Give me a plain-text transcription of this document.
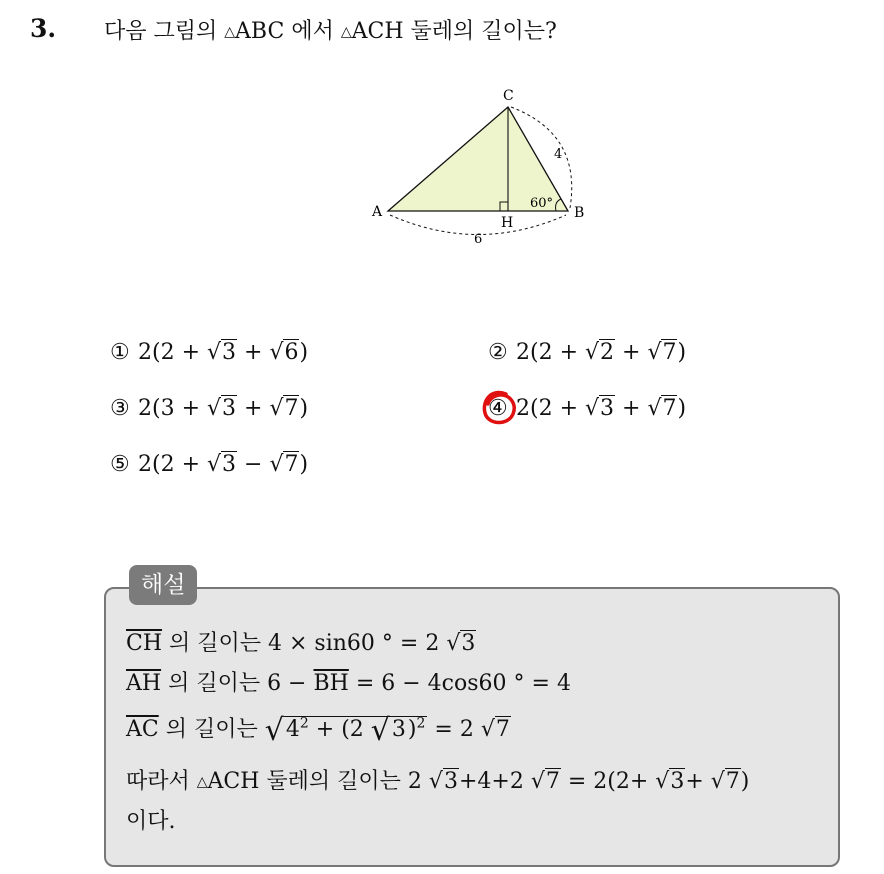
3. 다음 그림의 △ABC 에서 △ACH 둘레의 길이는?
C
A	B
H
4
6
60°
① 2(2 + √3 + √6)	② 2(2 + √2 + √7)
③ 2(3 + √3 + √7)	④ 2(2 + √3 + √7)
⑤ 2(2 + √3 − √7)
해설
$\overline{CH}$ 의 길이는 4 × sin60 ° = 2 √3
$\overline{AH}$ 의 길이는 $6 - \overline{BH} = 6 - 4\cos 60$ ° = 4
$\overline{AC}$ 의 길이는 $√4^2 + (2$ √3)$^2$ = 2 √7
따라서 △ACH 둘레의 길이는 2 √3+4+2 √7 = 2(2+ √3+ √7)
이다.
